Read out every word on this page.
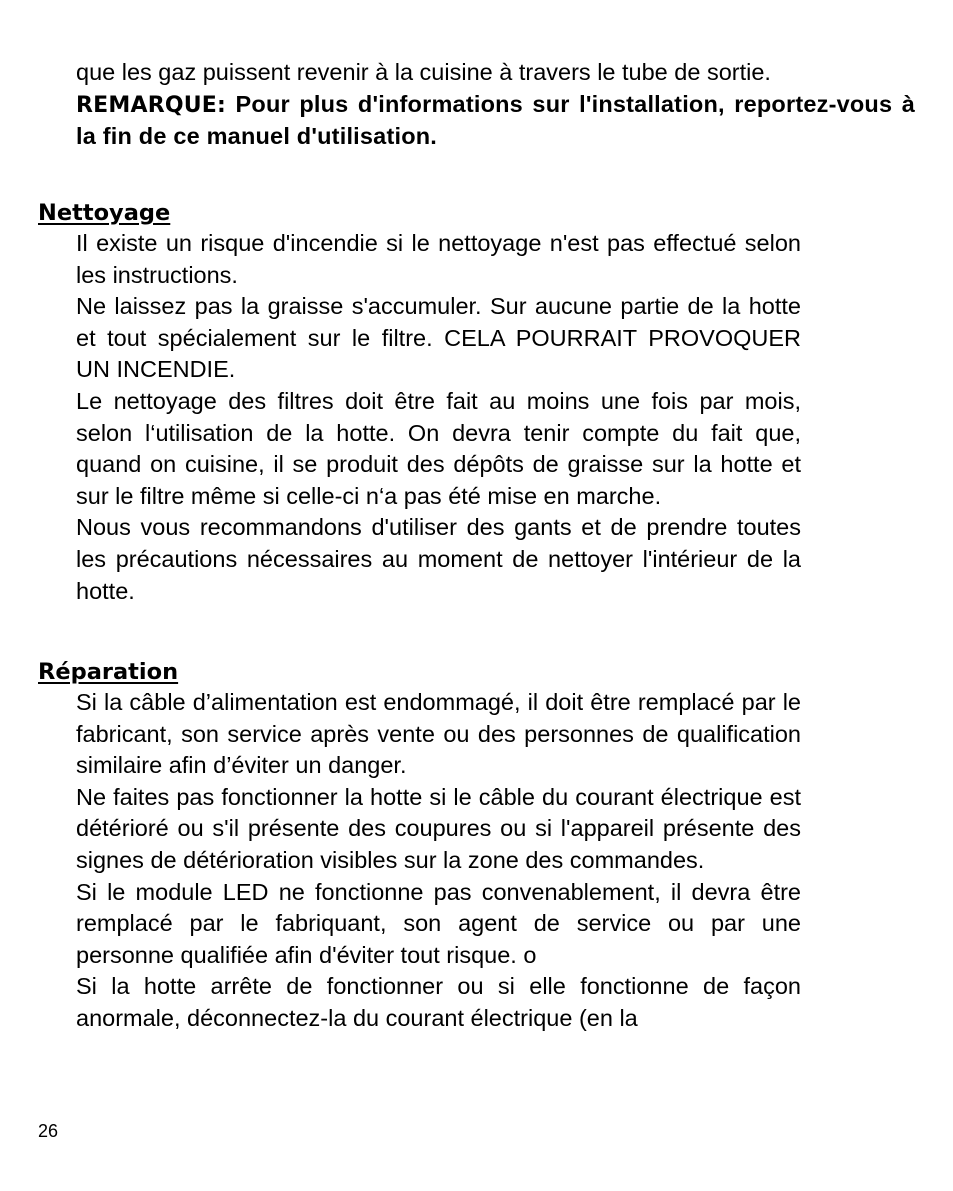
que les gaz puissent revenir à la cuisine à travers le tube de sortie.

REMARQUE: Pour plus d'informations sur l'installation, reportez-vous à la fin de ce manuel d'utilisation.

Nettoyage

Il existe un risque d'incendie si le nettoyage n'est pas effectué selon les instructions.

Ne laissez pas la graisse s'accumuler. Sur aucune partie de la hotte et tout spécialement sur le filtre. CELA POURRAIT PROVOQUER UN INCENDIE.

Le nettoyage des filtres doit être fait au moins une fois par mois, selon l‘utilisation de la hotte. On devra tenir compte du fait que, quand on cuisine, il se produit des dépôts de graisse sur la hotte et sur le filtre même si celle-ci n‘a pas été mise en marche.

Nous vous recommandons d'utiliser des gants et de prendre toutes les précautions nécessaires au moment de nettoyer l'intérieur de la hotte.

Réparation

Si la câble d’alimentation est endommagé, il doit être remplacé par le fabricant, son service après vente ou des personnes de qualification similaire afin d’éviter un danger.

Ne faites pas fonctionner la hotte si le câble du courant électrique est détérioré ou s'il présente des coupures ou si l'appareil présente des signes de détérioration visibles sur la zone des commandes.

Si le module LED ne fonctionne pas convenablement, il devra être remplacé par le fabriquant, son agent de service ou par une personne qualifiée afin d'éviter tout risque. o

Si la hotte arrête de fonctionner ou si elle fonctionne de façon anormale, déconnectez-la du courant électrique (en la

26
